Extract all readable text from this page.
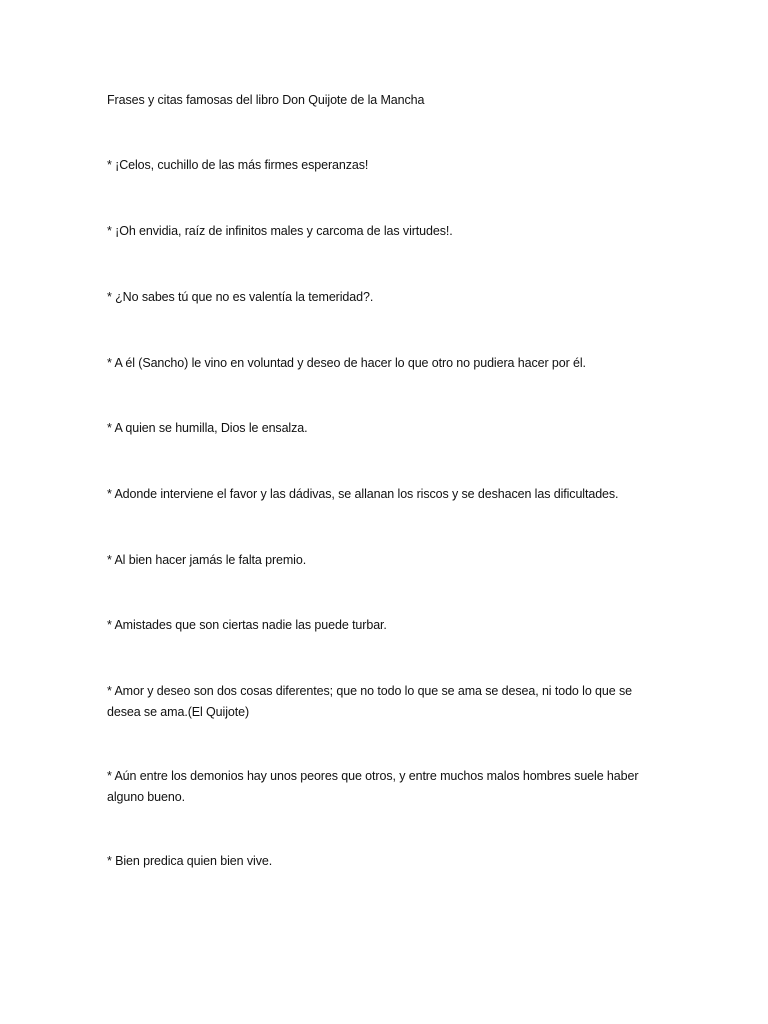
Frases y citas famosas del libro Don Quijote de la Mancha

* ¡Celos, cuchillo de las más firmes esperanzas!

* ¡Oh envidia, raíz de infinitos males y carcoma de las virtudes!.

* ¿No sabes tú que no es valentía la temeridad?.

* A él (Sancho) le vino en voluntad y deseo de hacer lo que otro no pudiera hacer por él.

* A quien se humilla, Dios le ensalza.

* Adonde interviene el favor y las dádivas, se allanan los riscos y se deshacen las dificultades.

* Al bien hacer jamás le falta premio.

* Amistades que son ciertas nadie las puede turbar.

* Amor y deseo son dos cosas diferentes; que no todo lo que se ama se desea, ni todo lo que se desea se ama.(El Quijote)

* Aún entre los demonios hay unos peores que otros, y entre muchos malos hombres suele haber alguno bueno.

* Bien predica quien bien vive.
